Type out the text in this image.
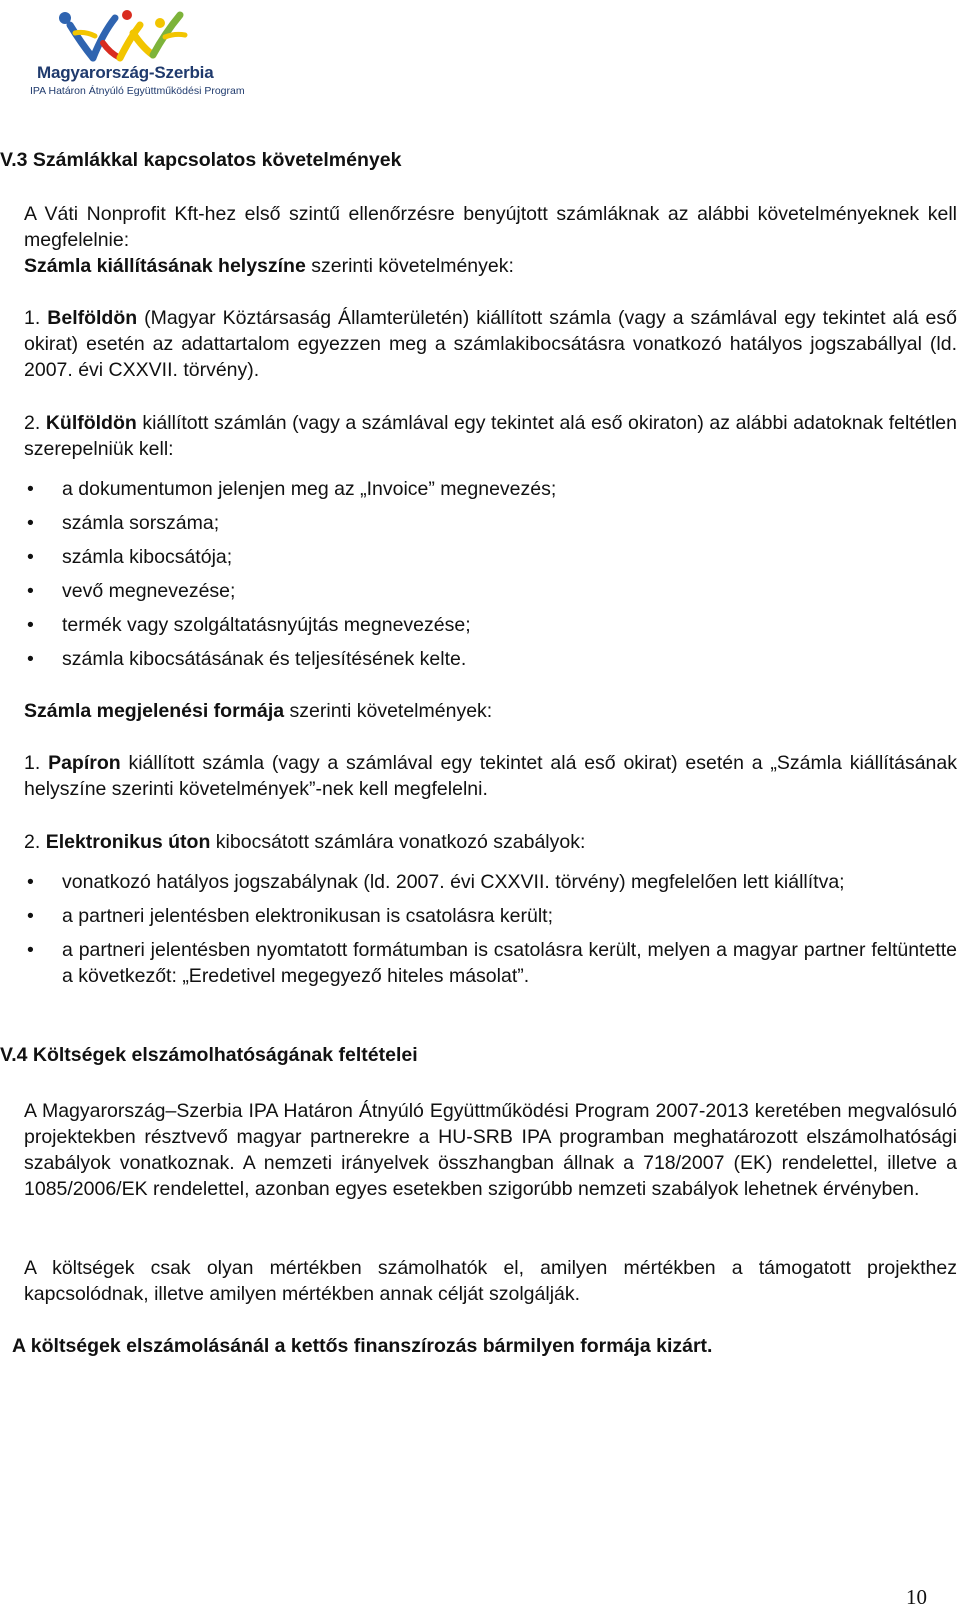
Magyarország-Szerbia
IPA Határon Átnyúló Együttműködési Program
V.3 Számlákkal kapcsolatos követelmények
A Váti Nonprofit Kft-hez első szintű ellenőrzésre benyújtott számláknak az alábbi követelményeknek kell megfelelnie:
Számla kiállításának helyszíne szerinti követelmények:
1. Belföldön (Magyar Köztársaság Államterületén) kiállított számla (vagy a számlával egy tekintet alá eső okirat) esetén az adattartalom egyezzen meg a számlakibocsátásra vonatkozó hatályos jogszabállyal (ld. 2007. évi CXXVII. törvény).
2. Külföldön kiállított számlán (vagy a számlával egy tekintet alá eső okiraton) az alábbi adatoknak feltétlen szerepelniük kell:
• a dokumentumon jelenjen meg az „Invoice” megnevezés;
• számla sorszáma;
• számla kibocsátója;
• vevő megnevezése;
• termék vagy szolgáltatásnyújtás megnevezése;
• számla kibocsátásának és teljesítésének kelte.
Számla megjelenési formája szerinti követelmények:
1. Papíron kiállított számla (vagy a számlával egy tekintet alá eső okirat) esetén a „Számla kiállításának helyszíne szerinti követelmények”-nek kell megfelelni.
2. Elektronikus úton kibocsátott számlára vonatkozó szabályok:
• vonatkozó hatályos jogszabálynak (ld. 2007. évi CXXVII. törvény) megfelelően lett kiállítva;
• a partneri jelentésben elektronikusan is csatolásra került;
• a partneri jelentésben nyomtatott formátumban is csatolásra került, melyen a magyar partner feltüntette a következőt: „Eredetivel megegyező hiteles másolat”.
V.4 Költségek elszámolhatóságának feltételei
A Magyarország–Szerbia IPA Határon Átnyúló Együttműködési Program 2007-2013 keretében megvalósuló projektekben résztvevő magyar partnerekre a HU-SRB IPA programban meghatározott elszámolhatósági szabályok vonatkoznak. A nemzeti irányelvek összhangban állnak a 718/2007 (EK) rendelettel, illetve a 1085/2006/EK rendelettel, azonban egyes esetekben szigorúbb nemzeti szabályok lehetnek érvényben.
A költségek csak olyan mértékben számolhatók el, amilyen mértékben a támogatott projekthez kapcsolódnak, illetve amilyen mértékben annak célját szolgálják.
A költségek elszámolásánál a kettős finanszírozás bármilyen formája kizárt.
10
